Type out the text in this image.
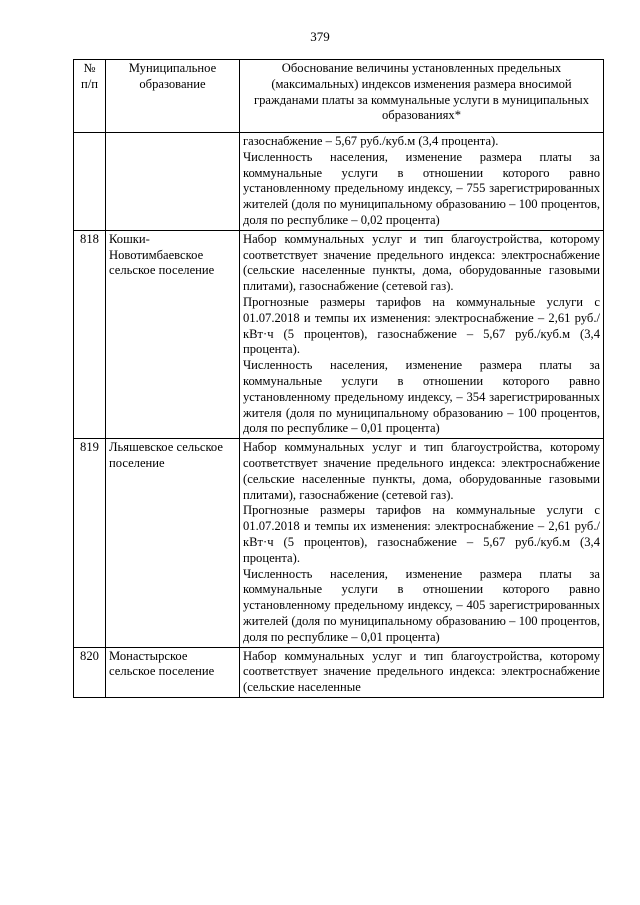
379
№ п/п	Муниципальное образование	Обоснование величины установленных предельных (максимальных) индексов изменения размера вносимой гражданами платы за коммунальные услуги в муниципальных образованиях*

		газоснабжение – 5,67 руб./куб.м (3,4 процента).

Численность населения, изменение размера платы за коммунальные услуги в отношении которого равно установленному предельному индексу, – 755 зарегистрированных жителей (доля по муниципальному образованию – 100 процентов, доля по республике – 0,02 процента)

818	Кошки-Новотимбаевское сельское поселение	Набор коммунальных услуг и тип благоустройства, которому соответствует значение предельного индекса: электроснабжение (сельские населенные пункты, дома, оборудованные газовыми плитами), газоснабжение (сетевой газ).

Прогнозные размеры тарифов на коммунальные услуги с 01.07.2018 и темпы их изменения: электроснабжение – 2,61 руб./кВт·ч (5 процентов), газоснабжение – 5,67 руб./куб.м (3,4 процента).

Численность населения, изменение размера платы за коммунальные услуги в отношении которого равно установленному предельному индексу, – 354 зарегистрированных жителя (доля по муниципальному образованию – 100 процентов, доля по республике – 0,01 процента)

819	Льяшевское сельское поселение	Набор коммунальных услуг и тип благоустройства, которому соответствует значение предельного индекса: электроснабжение (сельские населенные пункты, дома, оборудованные газовыми плитами), газоснабжение (сетевой газ).

Прогнозные размеры тарифов на коммунальные услуги с 01.07.2018 и темпы их изменения: электроснабжение – 2,61 руб./кВт·ч (5 процентов), газоснабжение – 5,67 руб./куб.м (3,4 процента).

Численность населения, изменение размера платы за коммунальные услуги в отношении которого равно установленному предельному индексу, – 405 зарегистрированных жителей (доля по муниципальному образованию – 100 процентов, доля по республике – 0,01 процента)

820	Монастырское сельское поселение	Набор коммунальных услуг и тип благоустройства, которому соответствует значение предельного индекса: электроснабжение (сельские населенные
